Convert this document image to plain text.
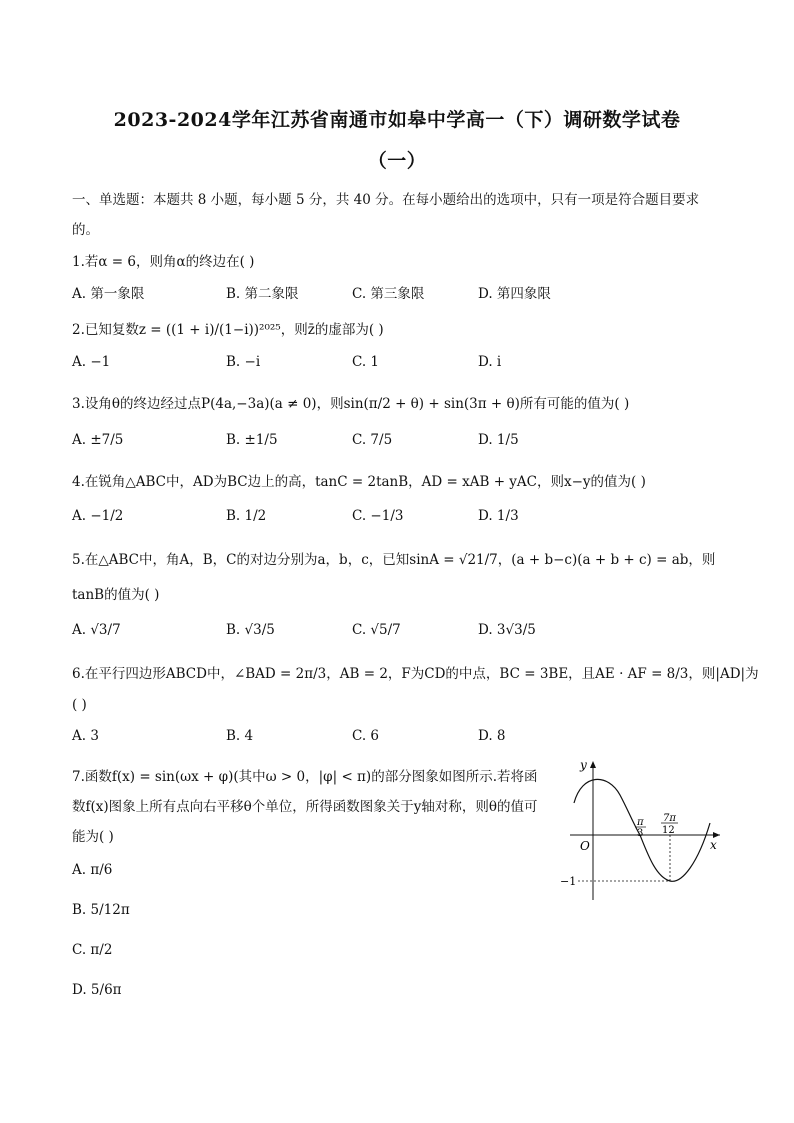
2023-2024学年江苏省南通市如皋中学高一（下）调研数学试卷
（一）
一、单选题：本题共 8 小题，每小题 5 分，共 40 分。在每小题给出的选项中，只有一项是符合题目要求
的。
1.若α = 6，则角α的终边在( )
A. 第一象限	B. 第二象限	C. 第三象限	D. 第四象限
2.已知复数z = ((1 + i)/(1−i))²⁰²⁵，则z̄的虚部为( )
A. −1	B. −i	C. 1	D. i
3.设角θ的终边经过点P(4a,−3a)(a ≠ 0)，则sin(π/2 + θ) + sin(3π + θ)所有可能的值为( )
A. ±7/5	B. ±1/5	C. 7/5	D. 1/5
4.在锐角△ABC中，AD为BC边上的高，tanC = 2tanB，AD = xAB + yAC，则x−y的值为( )
A. −1/2	B. 1/2	C. −1/3	D. 1/3
5.在△ABC中，角A，B，C的对边分别为a，b，c，已知sinA = √21/7，(a + b−c)(a + b + c) = ab，则
tanB的值为( )
A. √3/7	B. √3/5	C. √5/7	D. 3√3/5
6.在平行四边形ABCD中，∠BAD = 2π/3，AB = 2，F为CD的中点，BC = 3BE，且AE · AF = 8/3，则|AD|为
( )
A. 3	B. 4	C. 6	D. 8
7.函数f(x) = sin(ωx + φ)(其中ω > 0，|φ| < π)的部分图象如图所示.若将函
数f(x)图象上所有点向右平移θ个单位，所得函数图象关于y轴对称，则θ的值可
能为( )
A. π/6
B. 5/12π
C. π/2
D. 5/6π
y
x
O
π
3
7π
12
−1
